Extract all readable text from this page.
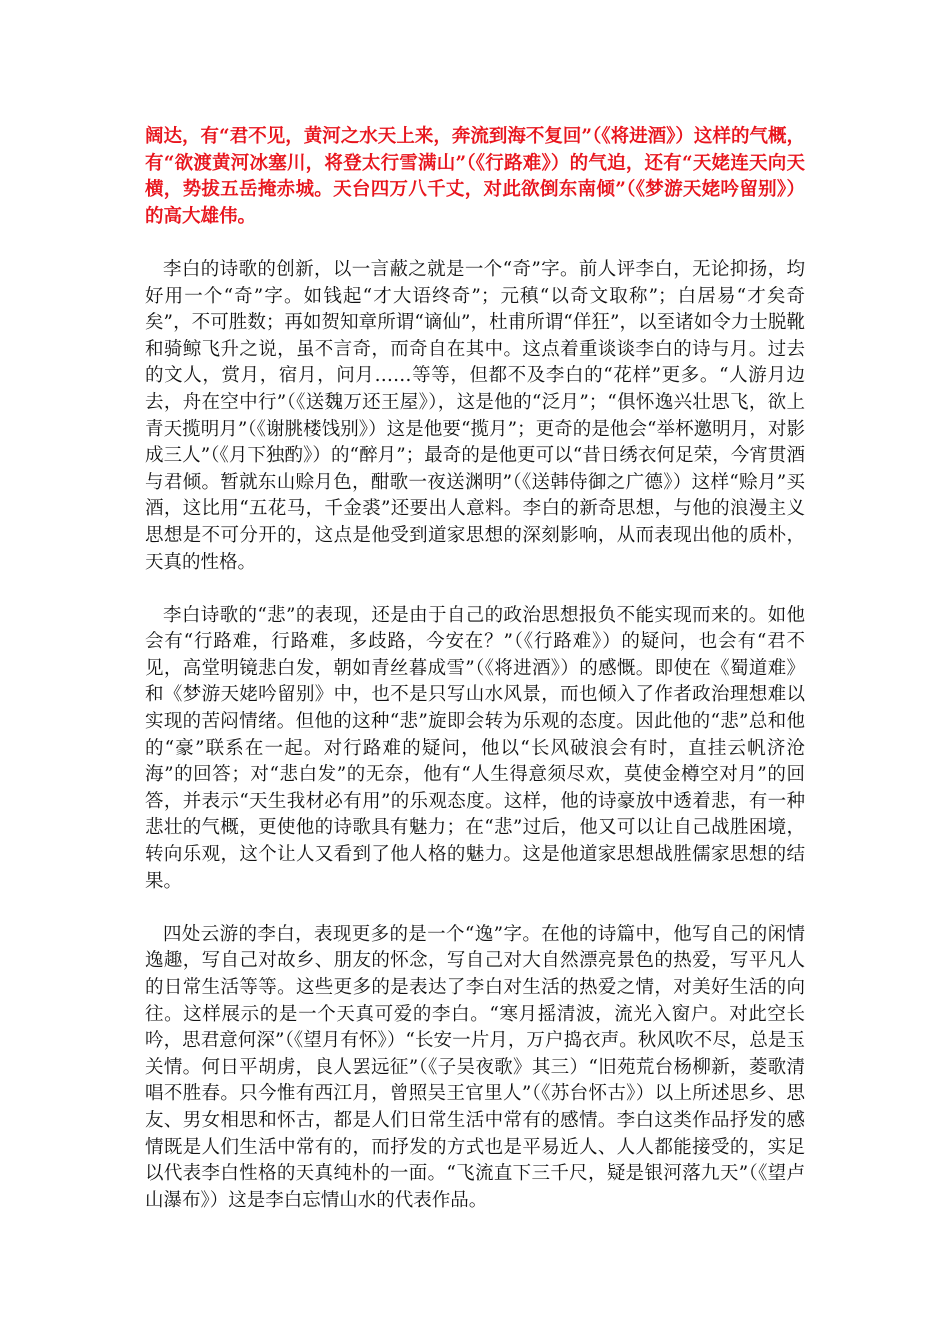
阔达，有“君不见，黄河之水天上来，奔流到海不复回”（《将进酒》）这样的气概，有“欲渡黄河冰塞川，将登太行雪满山”（《行路难》）的气迫，还有“天姥连天向天横，势拔五岳掩赤城。天台四万八千丈，对此欲倒东南倾”（《梦游天姥吟留别》）的高大雄伟。

李白的诗歌的创新，以一言蔽之就是一个“奇”字。前人评李白，无论抑扬，均好用一个“奇”字。如钱起“才大语终奇”；元稹“以奇文取称”；白居易“才矣奇矣”，不可胜数；再如贺知章所谓“谪仙”，杜甫所谓“佯狂”，以至诸如令力士脱靴和骑鲸飞升之说，虽不言奇，而奇自在其中。这点着重谈谈李白的诗与月。过去的文人，赏月，宿月，问月……等等，但都不及李白的“花样”更多。“人游月边去，舟在空中行”（《送魏万还王屋》），这是他的“泛月”；“俱怀逸兴壮思飞，欲上青天揽明月”（《谢朓楼饯别》）这是他要“揽月”；更奇的是他会“举杯邀明月，对影成三人”（《月下独酌》）的“醉月”；最奇的是他更可以“昔日绣衣何足荣，今宵贯酒与君倾。暂就东山赊月色，酣歌一夜送渊明”（《送韩侍御之广德》）这样“赊月”买酒，这比用“五花马，千金裘”还要出人意料。李白的新奇思想，与他的浪漫主义思想是不可分开的，这点是他受到道家思想的深刻影响，从而表现出他的质朴，天真的性格。

李白诗歌的“悲”的表现，还是由于自己的政治思想报负不能实现而来的。如他会有“行路难，行路难，多歧路，今安在？”（《行路难》）的疑问，也会有“君不见，高堂明镜悲白发，朝如青丝暮成雪”（《将进酒》）的感慨。即使在《蜀道难》和《梦游天姥吟留别》中，也不是只写山水风景，而也倾入了作者政治理想难以实现的苦闷情绪。但他的这种“悲”旋即会转为乐观的态度。因此他的“悲”总和他的“豪”联系在一起。对行路难的疑问，他以“长风破浪会有时，直挂云帆济沧海”的回答；对“悲白发”的无奈，他有“人生得意须尽欢，莫使金樽空对月”的回答，并表示“天生我材必有用”的乐观态度。这样，他的诗豪放中透着悲，有一种悲壮的气概，更使他的诗歌具有魅力；在“悲”过后，他又可以让自己战胜困境，转向乐观，这个让人又看到了他人格的魅力。这是他道家思想战胜儒家思想的结果。

四处云游的李白，表现更多的是一个“逸”字。在他的诗篇中，他写自己的闲情逸趣，写自己对故乡、朋友的怀念，写自己对大自然漂亮景色的热爱，写平凡人的日常生活等等。这些更多的是表达了李白对生活的热爱之情，对美好生活的向往。这样展示的是一个天真可爱的李白。“寒月摇清波，流光入窗户。对此空长吟，思君意何深”（《望月有怀》）“长安一片月，万户捣衣声。秋风吹不尽，总是玉关情。何日平胡虏，良人罢远征”（《子吴夜歌》其三）“旧苑荒台杨柳新，菱歌清唱不胜春。只今惟有西江月，曾照吴王官里人”（《苏台怀古》）以上所述思乡、思友、男女相思和怀古，都是人们日常生活中常有的感情。李白这类作品抒发的感情既是人们生活中常有的，而抒发的方式也是平易近人、人人都能接受的，实足以代表李白性格的天真纯朴的一面。“飞流直下三千尺，疑是银河落九天”（《望卢山瀑布》）这是李白忘情山水的代表作品。
